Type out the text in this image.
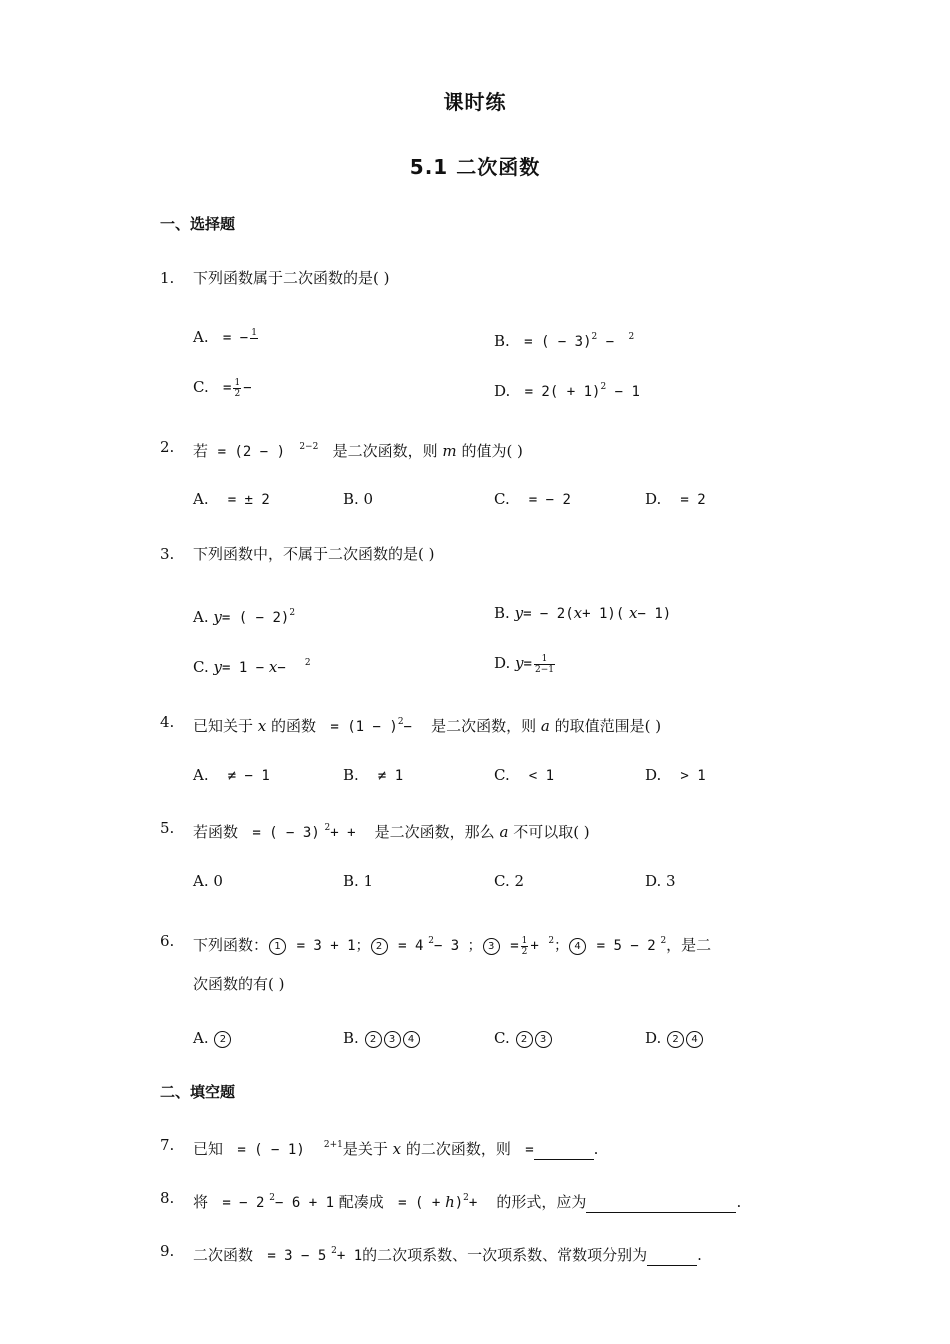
课时练
5.1 二次函数
一、选择题
1. 下列函数属于二次函数的是( )
A. = − 1
	B. = ( − 3)$^2$ − $^2$
C. = $\frac{1}{2}$ −	D. = $2( + 1)^2 - 1$
2. 若 = (2 − ) $^{2-2}$ 是二次函数，则 m 的值为( )
A. = ± 2	B. 0	C. = − 2	D. = 2
3. 下列函数中，不属于二次函数的是( )
A. y= ( − 2)$^2$	B. y= − 2(x+ 1)( x− 1)
C. y= 1 − x− $^2$	D. $y= \frac{1}{2-1}$
4. 已知关于 x 的函数 = $(1 - )^2-$ 是二次函数，则 a 的取值范围是( )
A. ≠ − 1	B. ≠ 1	C. < 1	D. > 1
5. 若函数 = ( − 3) $^2$+ + 是二次函数，那么 a 不可以取( )
A. 0	B. 1	C. 2	D. 3
6. 下列函数： 1 = 3 + 1； 2 = 4 $^2$− 3 ； $3 = \frac{1}{2} + ^2$； 4 = 5 − 2 $^2$，是二
次函数的有( )
A. 2	B. 2 3 4	C. 2 3	D. 2 4
二、填空题
7. 已知 = ( − 1) $^{2+1}$是关于 x 的二次函数，则 =	.
8. 将 = − 2 $^2$− 6 + 1 配凑成 = ( + h)$^2$+ 的形式，应为	.
9. 二次函数 = 3 − 5 $^2$+ 1的二次项系数、一次项系数、常数项分别为	.
